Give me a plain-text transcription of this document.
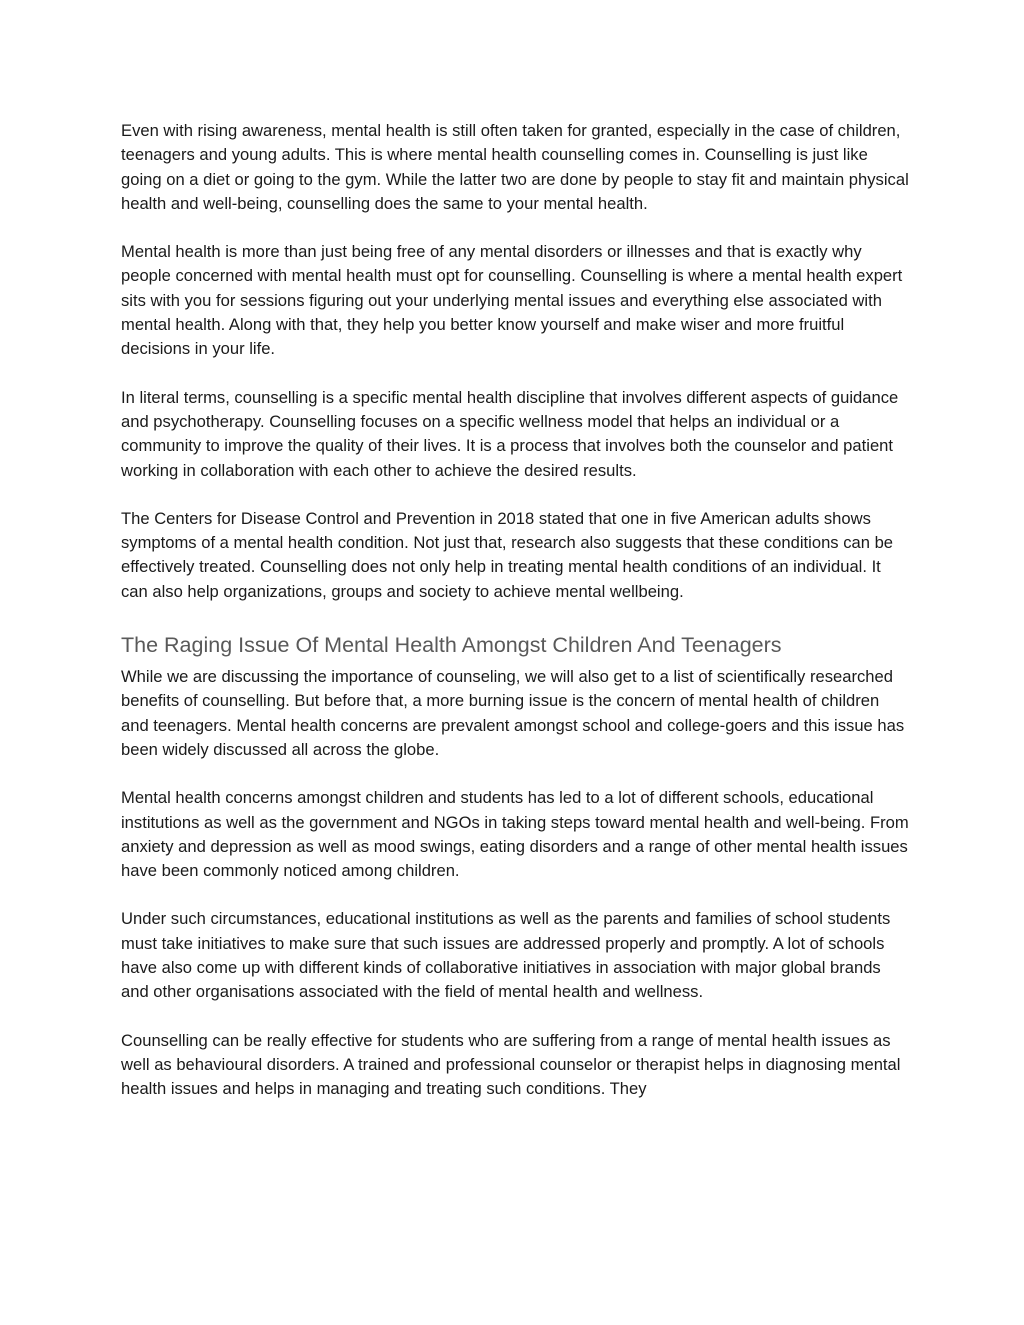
Even with rising awareness, mental health is still often taken for granted, especially in the case of children, teenagers and young adults. This is where mental health counselling comes in. Counselling is just like going on a diet or going to the gym. While the latter two are done by people to stay fit and maintain physical health and well-being, counselling does the same to your mental health.

Mental health is more than just being free of any mental disorders or illnesses and that is exactly why people concerned with mental health must opt for counselling. Counselling is where a mental health expert sits with you for sessions figuring out your underlying mental issues and everything else associated with mental health. Along with that, they help you better know yourself and make wiser and more fruitful decisions in your life.

In literal terms, counselling is a specific mental health discipline that involves different aspects of guidance and psychotherapy. Counselling focuses on a specific wellness model that helps an individual or a community to improve the quality of their lives. It is a process that involves both the counselor and patient working in collaboration with each other to achieve the desired results.

The Centers for Disease Control and Prevention in 2018 stated that one in five American adults shows symptoms of a mental health condition. Not just that, research also suggests that these conditions can be effectively treated. Counselling does not only help in treating mental health conditions of an individual. It can also help organizations, groups and society to achieve mental wellbeing.

The Raging Issue Of Mental Health Amongst Children And Teenagers

While we are discussing the importance of counseling, we will also get to a list of scientifically researched benefits of counselling. But before that, a more burning issue is the concern of mental health of children and teenagers. Mental health concerns are prevalent amongst school and college-goers and this issue has been widely discussed all across the globe.

Mental health concerns amongst children and students has led to a lot of different schools, educational institutions as well as the government and NGOs in taking steps toward mental health and well-being. From anxiety and depression as well as mood swings, eating disorders and a range of other mental health issues have been commonly noticed among children.

Under such circumstances, educational institutions as well as the parents and families of school students must take initiatives to make sure that such issues are addressed properly and promptly. A lot of schools have also come up with different kinds of collaborative initiatives in association with major global brands and other organisations associated with the field of mental health and wellness.

Counselling can be really effective for students who are suffering from a range of mental health issues as well as behavioural disorders. A trained and professional counselor or therapist helps in diagnosing mental health issues and helps in managing and treating such conditions. They
